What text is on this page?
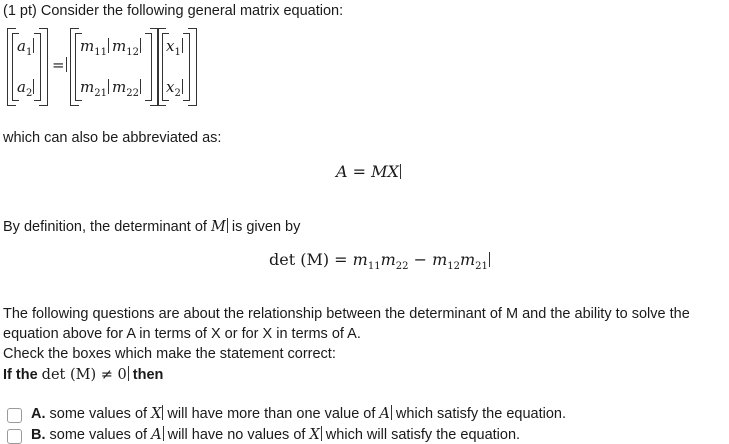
(1 pt) Consider the following general matrix equation:
$a_1$
$a_2$
=
$m_{11}$ $m_{12}$
$m_{21}$ $m_{22}$
$x_1$
$x_2$
which can also be abbreviated as:
A = MX
By definition, the determinant of M is given by
$\det (M) = m_{11}m_{22} - m_{12}m_{21}$
The following questions are about the relationship between the determinant of M and the ability to solve the
equation above for A in terms of X or for X in terms of A.
Check the boxes which make the statement correct:
If the det (M) ≠ 0 then
A. some values of X will have more than one value of A which satisfy the equation.
B. some values of A will have no values of X which will satisfy the equation.
